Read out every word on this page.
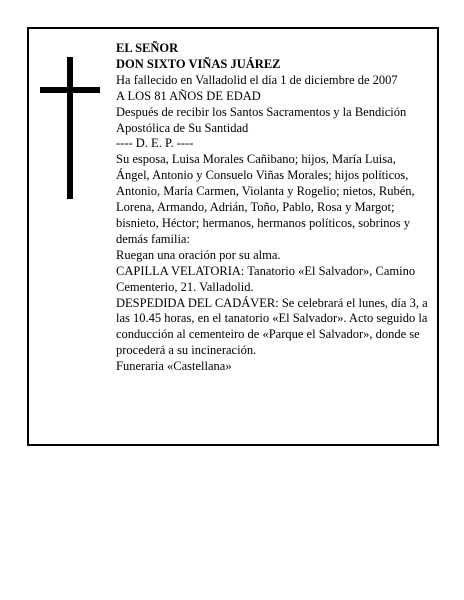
EL SEÑOR

DON SIXTO VIÑAS JUÁREZ

Ha fallecido en Valladolid el día 1 de diciembre de 2007

A LOS 81 AÑOS DE EDAD

Después de recibir los Santos Sacramentos y la Bendición Apostólica de Su Santidad

---- D. E. P. ----

Su esposa, Luisa Morales Cañibano; hijos, María Luisa, Ángel, Antonio y Consuelo Viñas Morales; hijos políticos, Antonio, María Carmen, Violanta y Rogelio; nietos, Rubén, Lorena, Armando, Adrián, Toño, Pablo, Rosa y Margot; bisnieto, Héctor; hermanos, hermanos políticos, sobrinos y demás familia:

Ruegan una oración por su alma.

CAPILLA VELATORIA: Tanatorio «El Salvador», Camino Cementerio, 21. Valladolid.

DESPEDIDA DEL CADÁVER: Se celebrará el lunes, día 3, a las 10.45 horas, en el tanatorio «El Salvador». Acto seguido la conducción al cementeiro de «Parque el Salvador», donde se procederá a su incineración.

Funeraria «Castellana»
